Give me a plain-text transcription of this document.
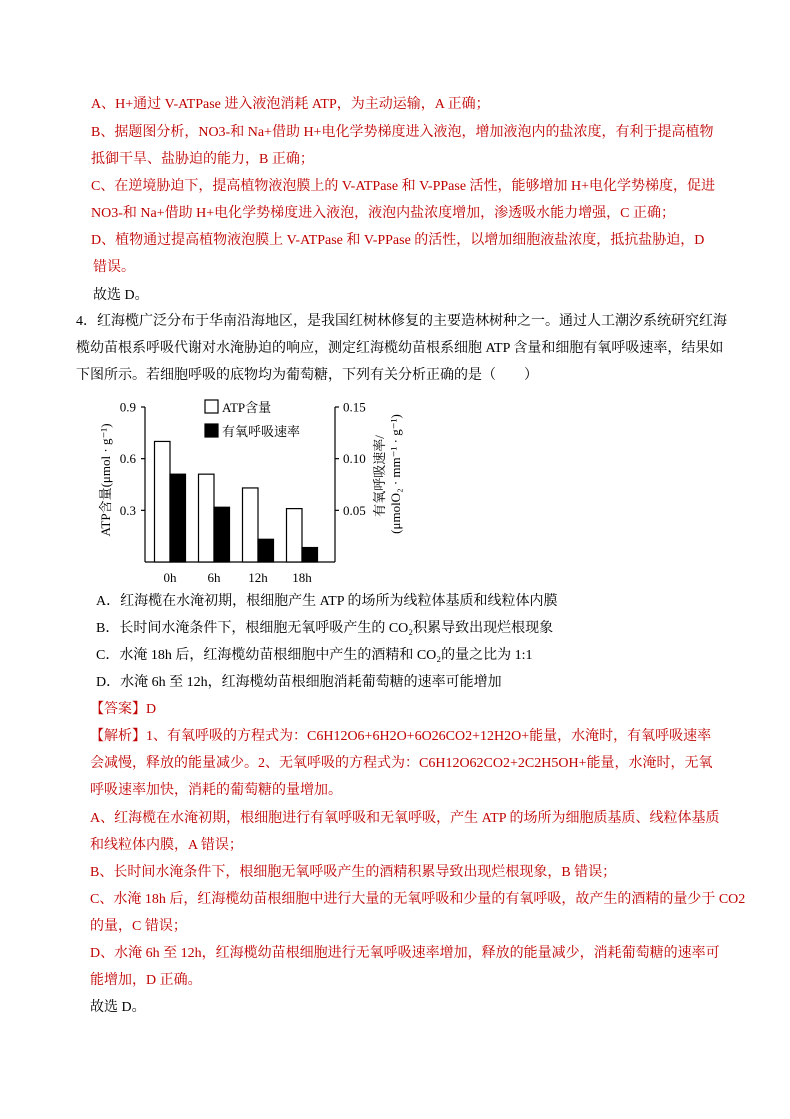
A、H+通过 V-ATPase 进入液泡消耗 ATP，为主动运输，A 正确；
B、据题图分析，NO3-和 Na+借助 H+电化学势梯度进入液泡，增加液泡内的盐浓度，有利于提高植物
抵御干旱、盐胁迫的能力，B 正确；
C、在逆境胁迫下，提高植物液泡膜上的 V-ATPase 和 V-PPase 活性，能够增加 H+电化学势梯度，促进
NO3-和 Na+借助 H+电化学势梯度进入液泡，液泡内盐浓度增加，渗透吸水能力增强，C 正确；
D、植物通过提高植物液泡膜上 V-ATPase 和 V-PPase 的活性，以增加细胞液盐浓度，抵抗盐胁迫，D
错误。
故选 D。
4．红海榄广泛分布于华南沿海地区，是我国红树林修复的主要造林树种之一。通过人工潮汐系统研究红海
榄幼苗根系呼吸代谢对水淹胁迫的响应，测定红海榄幼苗根系细胞 ATP 含量和细胞有氧呼吸速率，结果如
下图所示。若细胞呼吸的底物均为葡萄糖，下列有关分析正确的是（　　）
ATP含量
有氧呼吸速率
ATP含量(μmol · g⁻¹)	有氧呼吸速率/ (μmolO₂ · mm⁻¹ · g⁻¹)
0.3
0.6
0.9
0.05
0.10
0.15
0h 6h 12h 18h
A．红海榄在水淹初期，根细胞产生 ATP 的场所为线粒体基质和线粒体内膜
B．长时间水淹条件下，根细胞无氧呼吸产生的 CO₂积累导致出现烂根现象
C．水淹 18h 后，红海榄幼苗根细胞中产生的酒精和 CO₂的量之比为 1:1
D．水淹 6h 至 12h，红海榄幼苗根细胞消耗葡萄糖的速率可能增加
【答案】D
【解析】1、有氧呼吸的方程式为：C6H12O6+6H2O+6O26CO2+12H2O+能量，水淹时，有氧呼吸速率
会减慢，释放的能量减少。2、无氧呼吸的方程式为：C6H12O62CO2+2C2H5OH+能量，水淹时，无氧
呼吸速率加快，消耗的葡萄糖的量增加。
A、红海榄在水淹初期，根细胞进行有氧呼吸和无氧呼吸，产生 ATP 的场所为细胞质基质、线粒体基质
和线粒体内膜，A 错误；
B、长时间水淹条件下，根细胞无氧呼吸产生的酒精积累导致出现烂根现象，B 错误；
C、水淹 18h 后，红海榄幼苗根细胞中进行大量的无氧呼吸和少量的有氧呼吸，故产生的酒精的量少于 CO2
的量，C 错误；
D、水淹 6h 至 12h，红海榄幼苗根细胞进行无氧呼吸速率增加，释放的能量减少，消耗葡萄糖的速率可
能增加，D 正确。
故选 D。
